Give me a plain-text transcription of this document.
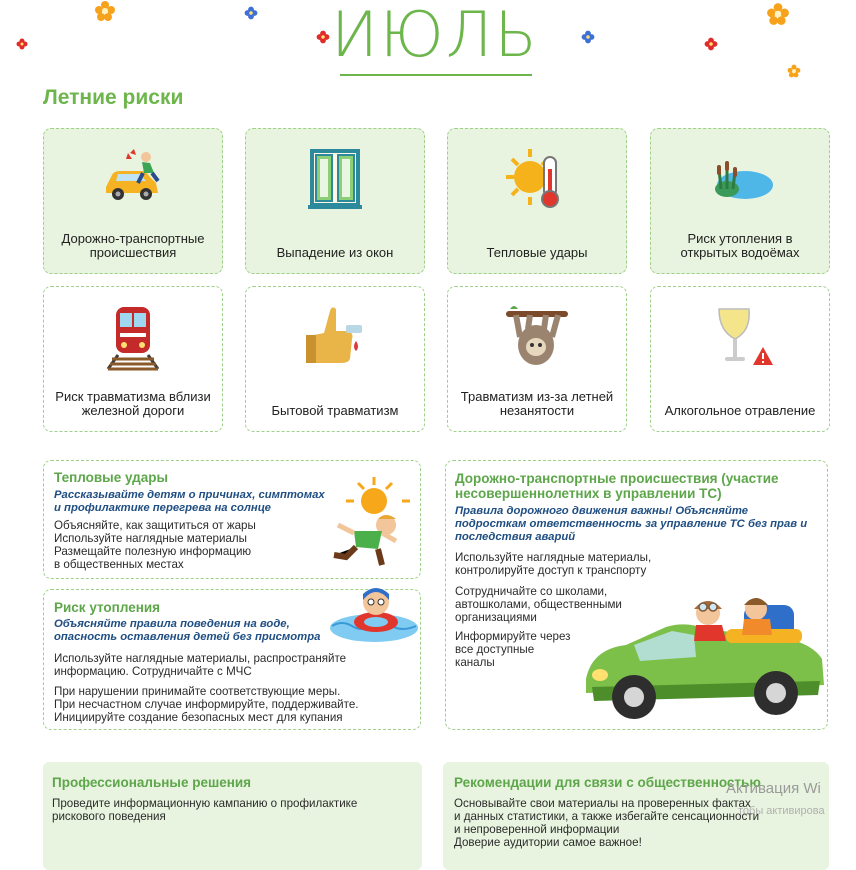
ИЮЛЬ
Летние риски
Дорожно-транспортные происшествия	Выпадение из окон	Тепловые удары
Риск утопления в открытых водоёмах
Риск травматизма вблизи железной дороги	Бытовой травматизм
Травматизм из-за летней незанятости	Алкогольное отравление
Тепловые удары
Рассказывайте детям о причинах, симптомах и профилактике перегрева на солнце
Объясняйте, как защититься от жары
Используйте наглядные материалы
Размещайте полезную информацию
в общественных местах
Риск утопления
Объясняйте правила поведения на воде, опасность оставления детей без присмотра
Используйте наглядные материалы, распространяйте
информацию. Сотрудничайте с МЧС
При нарушении принимайте соответствующие меры.
При несчастном случае информируйте, поддерживайте.
Инициируйте создание безопасных мест для купания
Дорожно-транспортные происшествия (участие несовершеннолетних в управлении ТС)
Правила дорожного движения важны! Объясняйте подросткам ответственность за управление ТС без прав и последствия аварий
Используйте наглядные материалы,
контролируйте доступ к транспорту
Сотрудничайте со школами,
автошколами, общественными
организациями
Информируйте через
все доступные
каналы
Профессиональные решения
Проведите информационную кампанию о профилактике
рискового поведения
Рекомендации для связи с общественностью
Основывайте свои материалы на проверенных фактах
и данных статистики, а также избегайте сенсационности
и непроверенной информации
Доверие аудитории самое важное!
Активация Wi
тобы активирова
